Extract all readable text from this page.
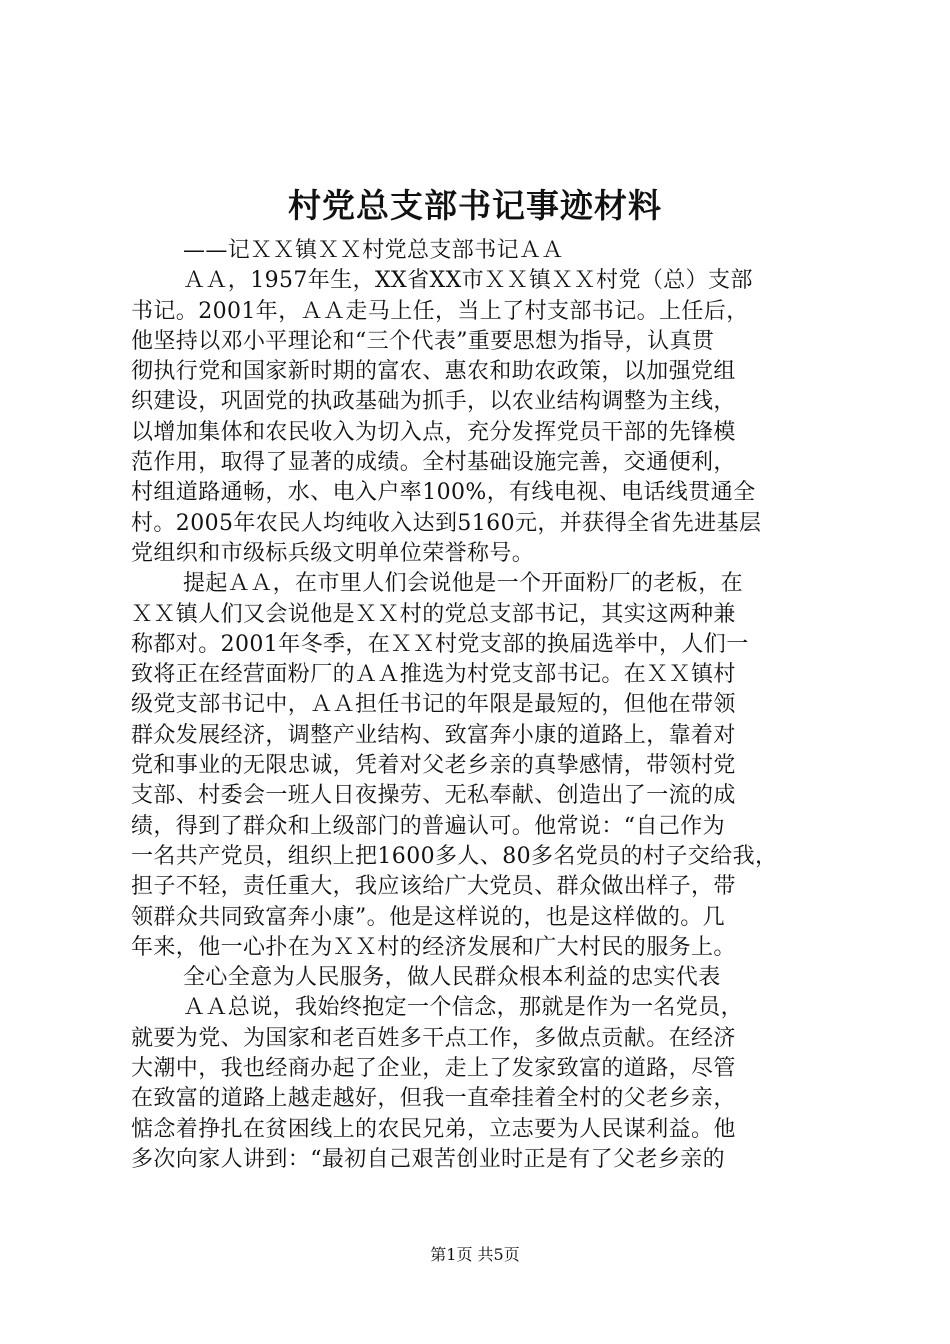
村党总支部书记事迹材料
——记ＸＸ镇ＸＸ村党总支部书记ＡＡ
ＡＡ，1957年生，XX省XX市ＸＸ镇ＸＸ村党（总）支部
书记。2001年，ＡＡ走马上任，当上了村支部书记。上任后，
他坚持以邓小平理论和“三个代表”重要思想为指导，认真贯
彻执行党和国家新时期的富农、惠农和助农政策，以加强党组
织建设，巩固党的执政基础为抓手，以农业结构调整为主线，
以增加集体和农民收入为切入点，充分发挥党员干部的先锋模
范作用，取得了显著的成绩。全村基础设施完善，交通便利，
村组道路通畅，水、电入户率100%，有线电视、电话线贯通全
村。2005年农民人均纯收入达到5160元，并获得全省先进基层
党组织和市级标兵级文明单位荣誉称号。
提起ＡＡ，在市里人们会说他是一个开面粉厂的老板，在
ＸＸ镇人们又会说他是ＸＸ村的党总支部书记，其实这两种兼
称都对。2001年冬季，在ＸＸ村党支部的换届选举中，人们一
致将正在经营面粉厂的ＡＡ推选为村党支部书记。在ＸＸ镇村
级党支部书记中，ＡＡ担任书记的年限是最短的，但他在带领
群众发展经济，调整产业结构、致富奔小康的道路上，靠着对
党和事业的无限忠诚，凭着对父老乡亲的真挚感情，带领村党
支部、村委会一班人日夜操劳、无私奉献、创造出了一流的成
绩，得到了群众和上级部门的普遍认可。他常说：“自己作为
一名共产党员，组织上把1600多人、80多名党员的村子交给我，
担子不轻，责任重大，我应该给广大党员、群众做出样子，带
领群众共同致富奔小康”。他是这样说的，也是这样做的。几
年来，他一心扑在为ＸＸ村的经济发展和广大村民的服务上。
全心全意为人民服务，做人民群众根本利益的忠实代表
ＡＡ总说，我始终抱定一个信念，那就是作为一名党员，
就要为党、为国家和老百姓多干点工作，多做点贡献。在经济
大潮中，我也经商办起了企业，走上了发家致富的道路，尽管
在致富的道路上越走越好，但我一直牵挂着全村的父老乡亲，
惦念着挣扎在贫困线上的农民兄弟，立志要为人民谋利益。他
多次向家人讲到：“最初自己艰苦创业时正是有了父老乡亲的
第1页 共5页
